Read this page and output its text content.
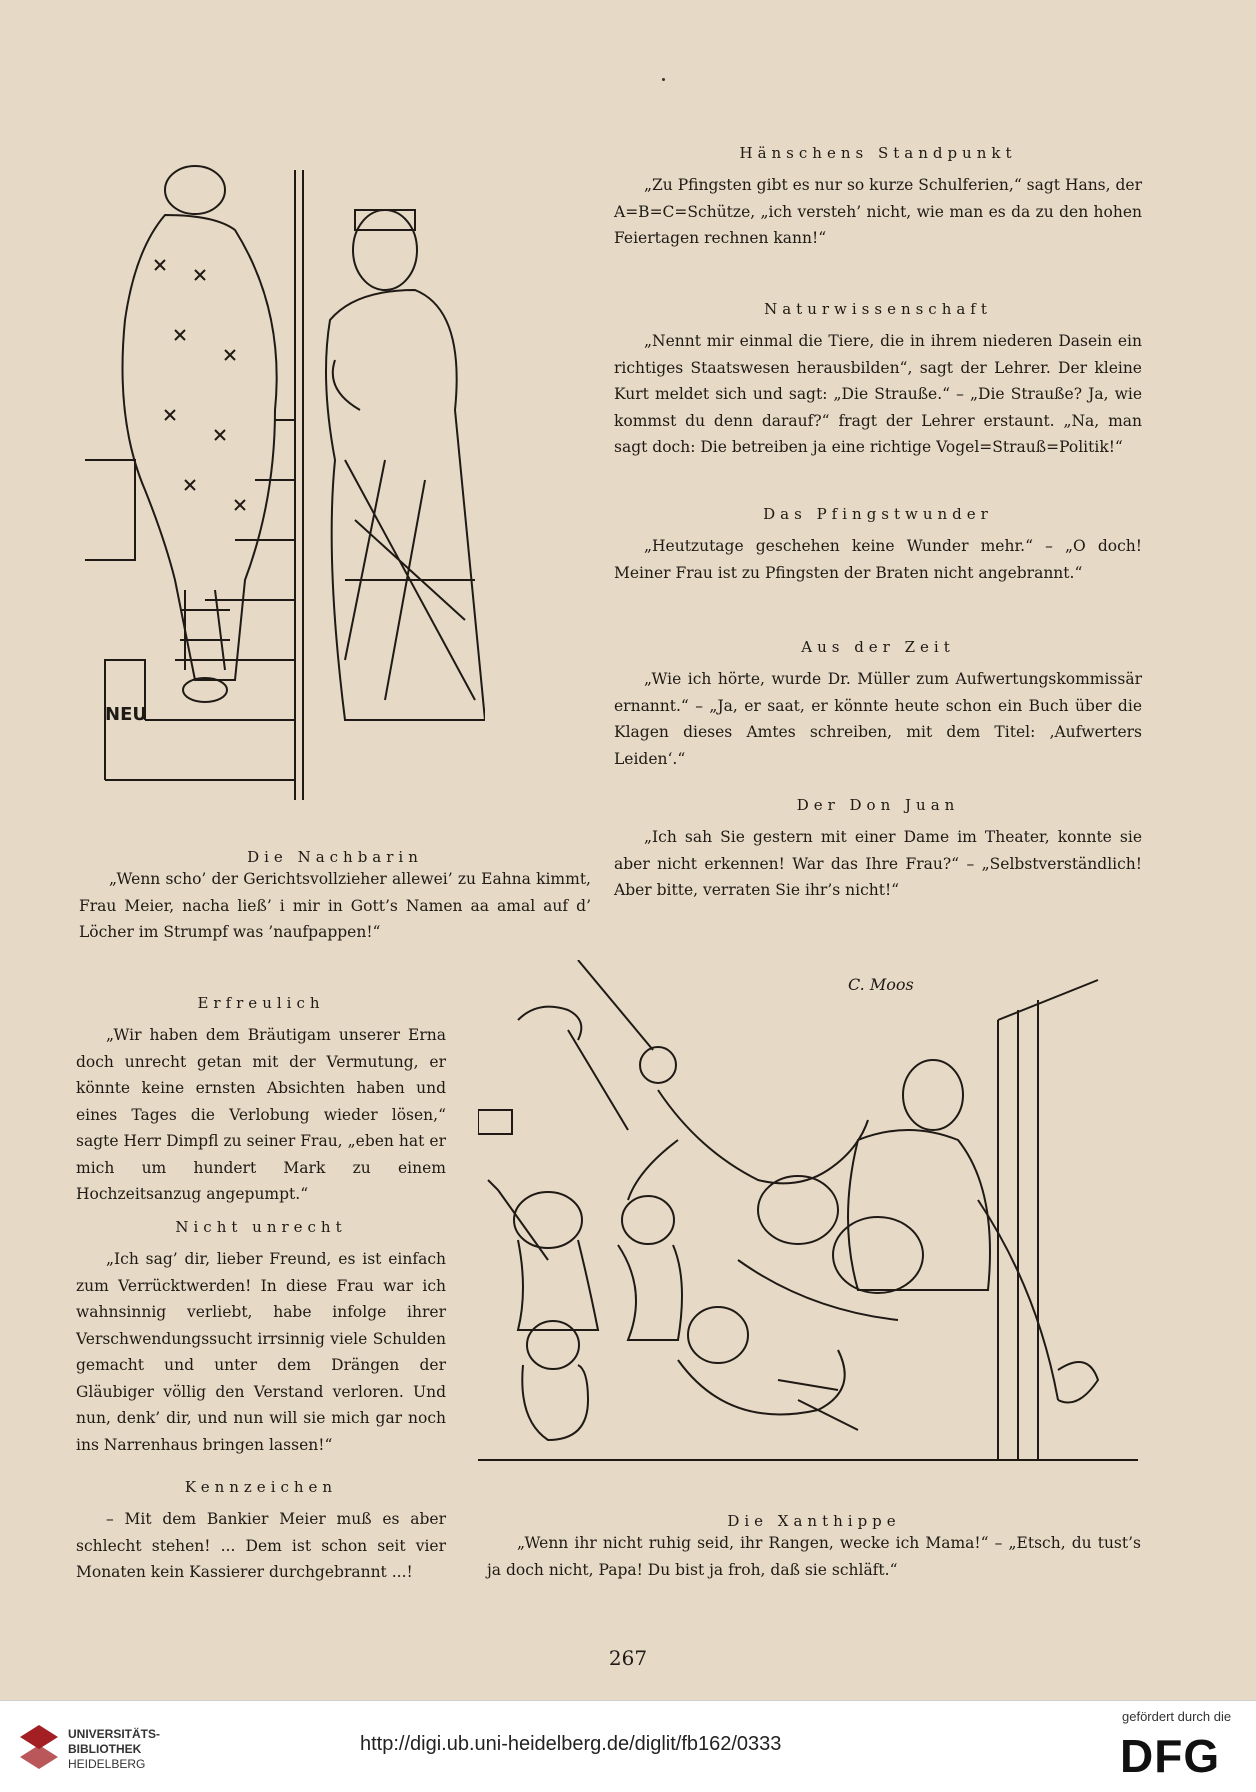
NEU
Die Nachbarin

„Wenn scho’ der Gerichtsvollzieher allewei’ zu Eahna kimmt, Frau Meier, nacha ließ’ i mir in Gott’s Namen aa amal auf d’ Löcher im Strumpf was ’naufpappen!“

Hänschens Standpunkt

„Zu Pfingsten gibt es nur so kurze Schulferien,“ sagt Hans, der A=B=C=Schütze, „ich versteh’ nicht, wie man es da zu den hohen Feiertagen rechnen kann!“

Naturwissenschaft

„Nennt mir einmal die Tiere, die in ihrem niederen Dasein ein richtiges Staatswesen herausbilden“, sagt der Lehrer. Der kleine Kurt meldet sich und sagt: „Die Strauße.“ – „Die Strauße? Ja, wie kommst du denn darauf?“ fragt der Lehrer erstaunt. „Na, man sagt doch: Die betreiben ja eine richtige Vogel=Strauß=Politik!“

Das Pfingstwunder

„Heutzutage geschehen keine Wunder mehr.“ – „O doch! Meiner Frau ist zu Pfingsten der Braten nicht angebrannt.“

Aus der Zeit

„Wie ich hörte, wurde Dr. Müller zum Aufwertungskommissär ernannt.“ – „Ja, er saat, er könnte heute schon ein Buch über die Klagen dieses Amtes schreiben, mit dem Titel: ‚Aufwerters Leiden‘.“

Der Don Juan

„Ich sah Sie gestern mit einer Dame im Theater, konnte sie aber nicht erkennen! War das Ihre Frau?“ – „Selbstverständlich! Aber bitte, verraten Sie ihr’s nicht!“

Erfreulich

„Wir haben dem Bräutigam unserer Erna doch unrecht getan mit der Vermutung, er könnte keine ernsten Absichten haben und eines Tages die Verlobung wieder lösen,“ sagte Herr Dimpfl zu seiner Frau, „eben hat er mich um hundert Mark zu einem Hochzeitsanzug angepumpt.“

Nicht unrecht

„Ich sag’ dir, lieber Freund, es ist einfach zum Verrücktwerden! In diese Frau war ich wahnsinnig verliebt, habe infolge ihrer Verschwendungssucht irrsinnig viele Schulden gemacht und unter dem Drängen der Gläubiger völlig den Verstand verloren. Und nun, denk’ dir, und nun will sie mich gar noch ins Narrenhaus bringen lassen!“

Kennzeichen

– Mit dem Bankier Meier muß es aber schlecht stehen! ... Dem ist schon seit vier Monaten kein Kassierer durchgebrannt ...!

C. Moos
Die Xanthippe

„Wenn ihr nicht ruhig seid, ihr Rangen, wecke ich Mama!“ – „Etsch, du tust’s ja doch nicht, Papa! Du bist ja froh, daß sie schläft.“

267
UNIVERSITÄTS-
BIBLIOTHEK
HEIDELBERG
http://digi.ub.uni-heidelberg.de/diglit/fb162/0333
gefördert durch die
DFG
